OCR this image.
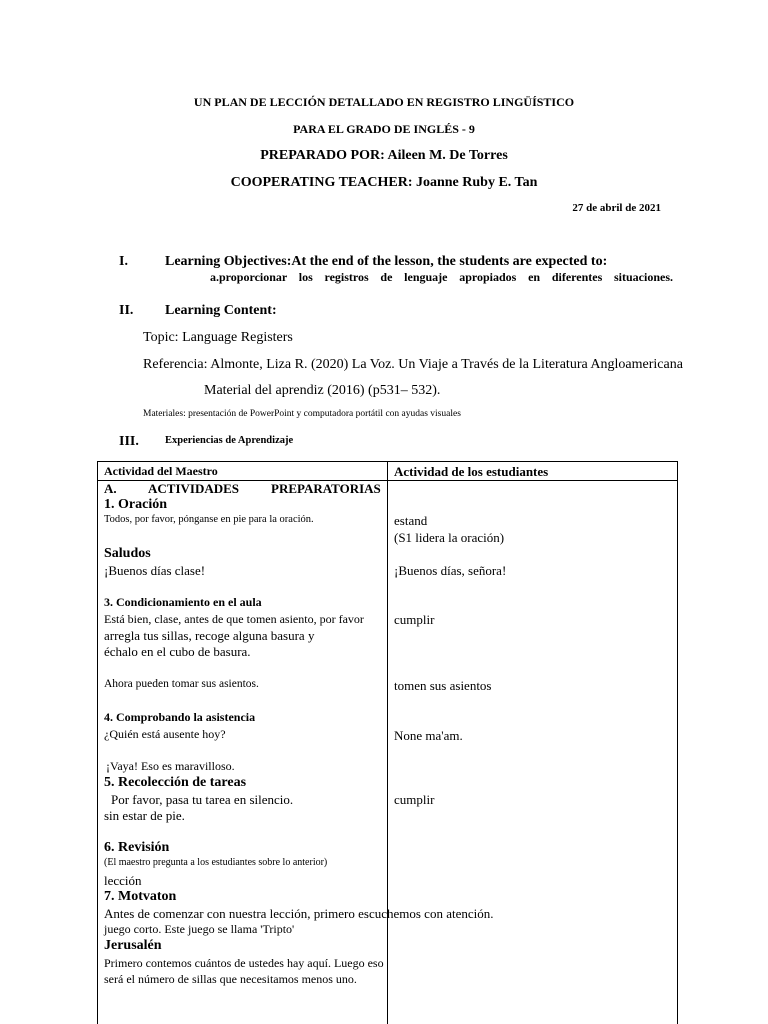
UN PLAN DE LECCIÓN DETALLADO EN REGISTRO LINGÜÍSTICO
PARA EL GRADO DE INGLÉS - 9
PREPARADO POR: Aileen M. De Torres
COOPERATING TEACHER: Joanne Ruby E. Tan
27 de abril de 2021
I.	Learning Objectives:At the end of the lesson, the students are expected to:
a.proporcionar los registros de lenguaje apropiados en diferentes situaciones.
II. Learning Content:
Topic: Language Registers
Referencia: Almonte, Liza R. (2020) La Voz. Un Viaje a Través de la Literatura Angloamericana
Material del aprendiz (2016) (p531– 532).
Materiales: presentación de PowerPoint y computadora portátil con ayudas visuales
III. Experiencias de Aprendizaje
Actividad del Maestro	Actividad de los estudiantes
A. ACTIVIDADES PREPARATORIAS
1. Oración
Todos, por favor, pónganse en pie para la oración.
Saludos
¡Buenos días clase!
3. Condicionamiento en el aula
Está bien, clase, antes de que tomen asiento, por favor
arregla tus sillas, recoge alguna basura y
échalo en el cubo de basura.
Ahora pueden tomar sus asientos.
4. Comprobando la asistencia
¿Quién está ausente hoy?
¡Vaya! Eso es maravilloso.
5. Recolección de tareas
Por favor, pasa tu tarea en silencio.
sin estar de pie.
6. Revisión
(El maestro pregunta a los estudiantes sobre lo anterior)
lección
7. Motvaton
Antes de comenzar con nuestra lección, primero escuchemos con atención.
juego corto. Este juego se llama 'Tripto'
Jerusalén
Primero contemos cuántos de ustedes hay aquí. Luego eso
será el número de sillas que necesitamos menos uno.
estand
(S1 lidera la oración)
¡Buenos días, señora!
cumplir
tomen sus asientos
None ma'am.
cumplir
